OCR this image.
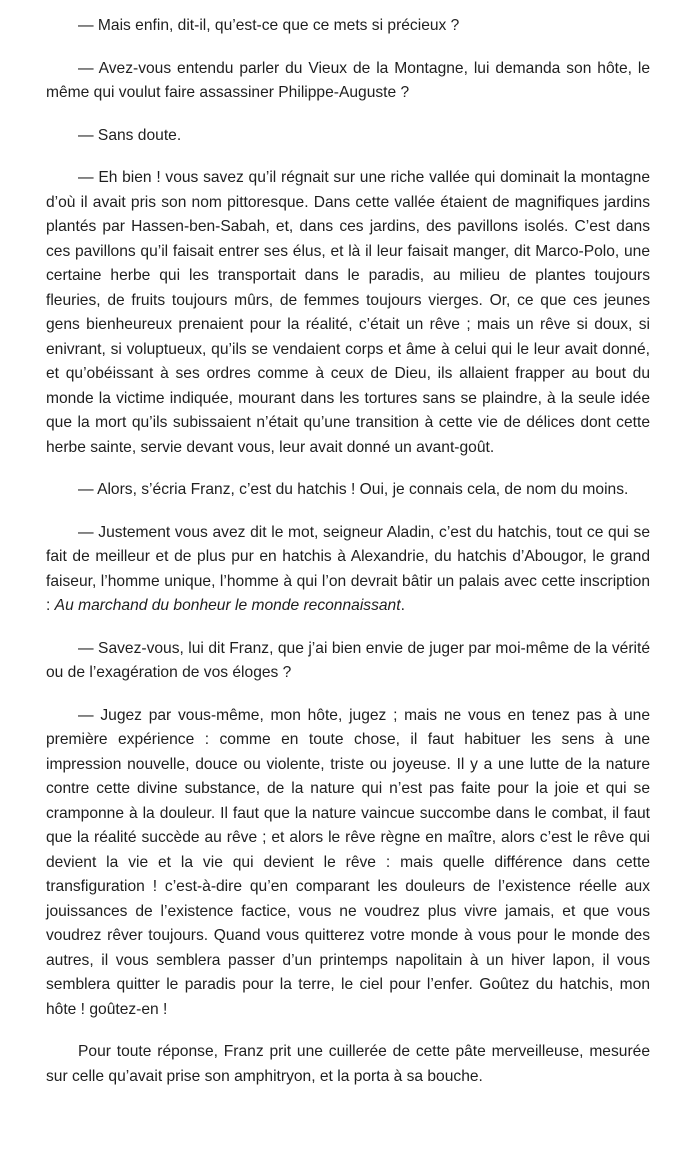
— Mais enfin, dit-il, qu’est-ce que ce mets si précieux ?

— Avez-vous entendu parler du Vieux de la Montagne, lui demanda son hôte, le même qui voulut faire assassiner Philippe-Auguste ?

— Sans doute.

— Eh bien ! vous savez qu’il régnait sur une riche vallée qui dominait la montagne d’où il avait pris son nom pittoresque. Dans cette vallée étaient de magnifiques jardins plantés par Hassen-ben-Sabah, et, dans ces jardins, des pavillons isolés. C’est dans ces pavillons qu’il faisait entrer ses élus, et là il leur faisait manger, dit Marco-Polo, une certaine herbe qui les transportait dans le paradis, au milieu de plantes toujours fleuries, de fruits toujours mûrs, de femmes toujours vierges. Or, ce que ces jeunes gens bienheureux prenaient pour la réalité, c’était un rêve ; mais un rêve si doux, si enivrant, si voluptueux, qu’ils se vendaient corps et âme à celui qui le leur avait donné, et qu’obéissant à ses ordres comme à ceux de Dieu, ils allaient frapper au bout du monde la victime indiquée, mourant dans les tortures sans se plaindre, à la seule idée que la mort qu’ils subissaient n’était qu’une transition à cette vie de délices dont cette herbe sainte, servie devant vous, leur avait donné un avant-goût.

— Alors, s’écria Franz, c’est du hatchis ! Oui, je connais cela, de nom du moins.

— Justement vous avez dit le mot, seigneur Aladin, c’est du hatchis, tout ce qui se fait de meilleur et de plus pur en hatchis à Alexandrie, du hatchis d’Abougor, le grand faiseur, l’homme unique, l’homme à qui l’on devrait bâtir un palais avec cette inscription : Au marchand du bonheur le monde reconnaissant.

— Savez-vous, lui dit Franz, que j’ai bien envie de juger par moi-même de la vérité ou de l’exagération de vos éloges ?

— Jugez par vous-même, mon hôte, jugez ; mais ne vous en tenez pas à une première expérience : comme en toute chose, il faut habituer les sens à une impression nouvelle, douce ou violente, triste ou joyeuse. Il y a une lutte de la nature contre cette divine substance, de la nature qui n’est pas faite pour la joie et qui se cramponne à la douleur. Il faut que la nature vaincue succombe dans le combat, il faut que la réalité succède au rêve ; et alors le rêve règne en maître, alors c’est le rêve qui devient la vie et la vie qui devient le rêve : mais quelle différence dans cette transfiguration ! c’est-à-dire qu’en comparant les douleurs de l’existence réelle aux jouissances de l’existence factice, vous ne voudrez plus vivre jamais, et que vous voudrez rêver toujours. Quand vous quitterez votre monde à vous pour le monde des autres, il vous semblera passer d’un printemps napolitain à un hiver lapon, il vous semblera quitter le paradis pour la terre, le ciel pour l’enfer. Goûtez du hatchis, mon hôte ! goûtez-en !

Pour toute réponse, Franz prit une cuillerée de cette pâte merveilleuse, mesurée sur celle qu’avait prise son amphitryon, et la porta à sa bouche.
